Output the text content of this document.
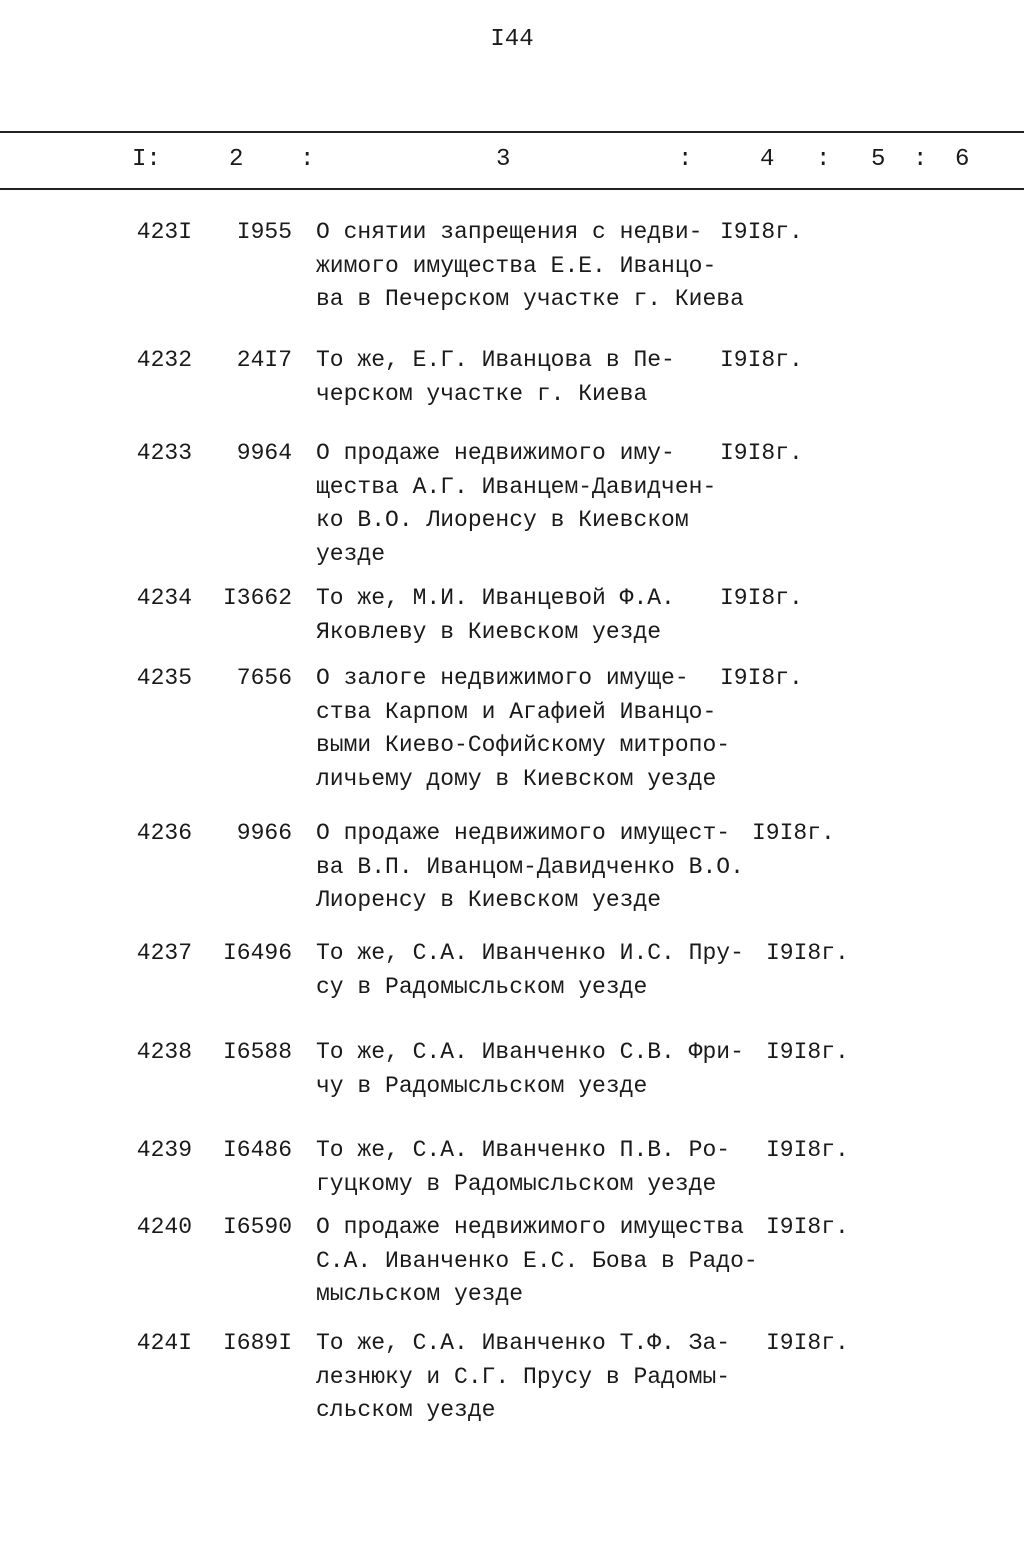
I44
I:	2 :	3	:	4 : 5 : 6
423I	I955 О снятии запрещения с недви-
жимого имущества Е.Е. Иванцо-
ва в Печерском участке г. Киева
I9I8г.
4232	24I7 То же, Е.Г. Иванцова в Пе-
черском участке г. Киева
I9I8г.
4233	9964 О продаже недвижимого иму-
щества А.Г. Иванцем-Давидчен-
ко В.О. Лиоренсу в Киевском
уезде
I9I8г.
4234	I3662 То же, М.И. Иванцевой Ф.А.
Яковлеву в Киевском уезде
I9I8г.
4235	7656 О залоге недвижимого имуще-
ства Карпом и Агафией Иванцо-
выми Киево-Софийскому митропо-
личьему дому в Киевском уезде
I9I8г.
4236	9966 О продаже недвижимого имущест-
ва В.П. Иванцом-Давидченко В.О.
Лиоренсу в Киевском уезде
I9I8г.
4237	I6496 То же, С.А. Иванченко И.С. Пру-
су в Радомысльском уезде
I9I8г.
4238	I6588 То же, С.А. Иванченко С.В. Фри-
чу в Радомысльском уезде
I9I8г.
4239	I6486 То же, С.А. Иванченко П.В. Ро-
гуцкому в Радомысльском уезде
I9I8г.
4240	I6590 О продаже недвижимого имущества
С.А. Иванченко Е.С. Бова в Радо-
мысльском уезде
I9I8г.
424I	I689I То же, С.А. Иванченко Т.Ф. За-
лезнюку и С.Г. Прусу в Радомы-
сльском уезде
I9I8г.
